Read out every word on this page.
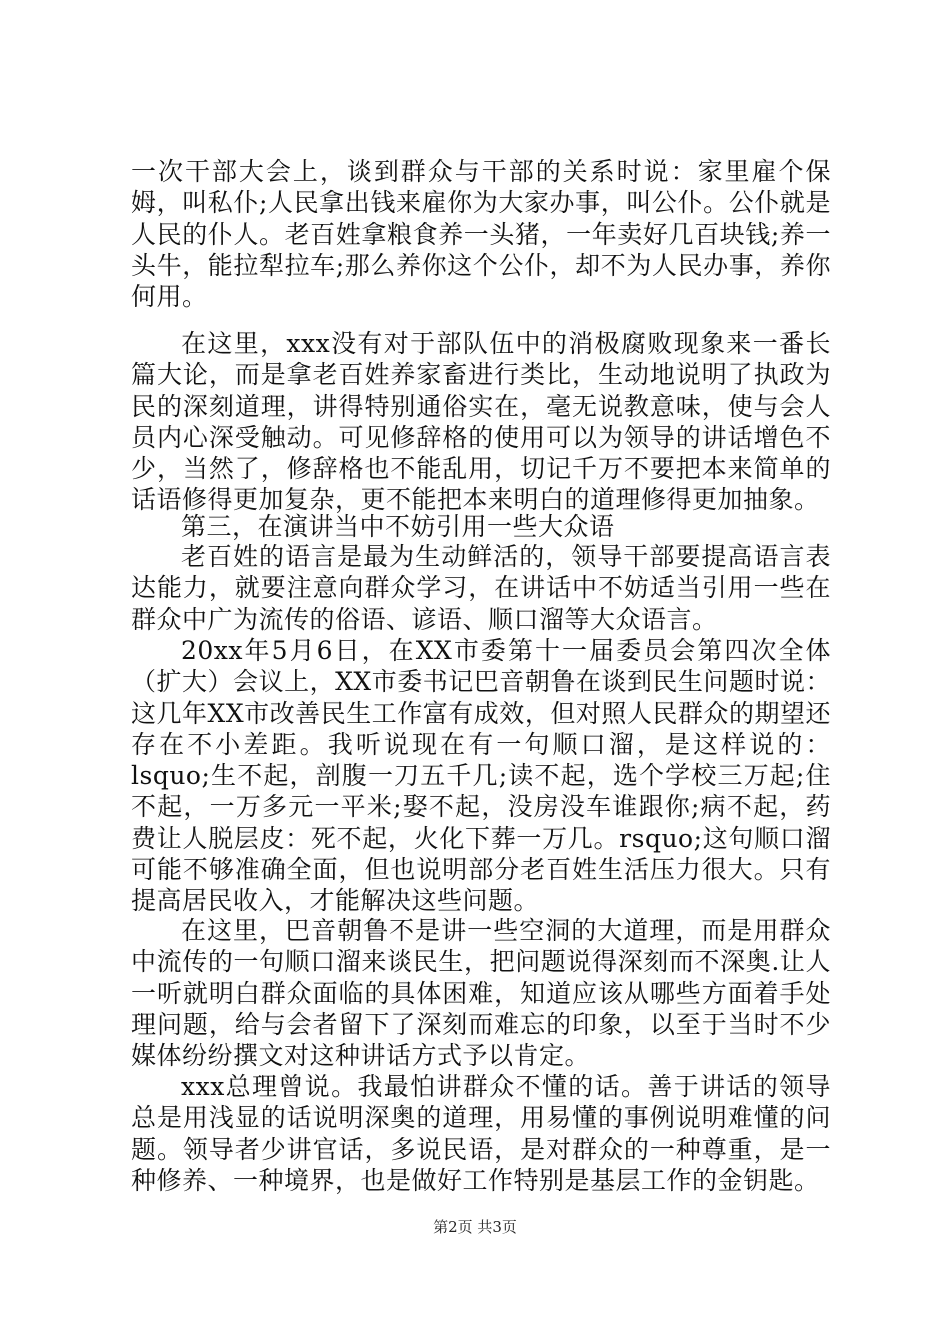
一次干部大会上，谈到群众与干部的关系时说：家里雇个保姆，叫私仆;人民拿出钱来雇你为大家办事，叫公仆。公仆就是人民的仆人。老百姓拿粮食养一头猪，一年卖好几百块钱;养一头牛，能拉犁拉车;那么养你这个公仆，却不为人民办事，养你何用。

在这里，xxx没有对于部队伍中的消极腐败现象来一番长篇大论，而是拿老百姓养家畜进行类比，生动地说明了执政为民的深刻道理，讲得特别通俗实在，毫无说教意味，使与会人员内心深受触动。可见修辞格的使用可以为领导的讲话增色不少，当然了，修辞格也不能乱用，切记千万不要把本来简单的话语修得更加复杂，更不能把本来明白的道理修得更加抽象。

第三，在演讲当中不妨引用一些大众语

老百姓的语言是最为生动鲜活的，领导干部要提高语言表达能力，就要注意向群众学习，在讲话中不妨适当引用一些在群众中广为流传的俗语、谚语、顺口溜等大众语言。

20xx年5月6日，在XX市委第十一届委员会第四次全体（扩大）会议上，XX市委书记巴音朝鲁在谈到民生问题时说：这几年XX市改善民生工作富有成效，但对照人民群众的期望还存在不小差距。我听说现在有一句顺口溜，是这样说的：lsquo;生不起，剖腹一刀五千几;读不起，选个学校三万起;住不起，一万多元一平米;娶不起，没房没车谁跟你;病不起，药费让人脱层皮：死不起，火化下葬一万几。rsquo;这句顺口溜可能不够准确全面，但也说明部分老百姓生活压力很大。只有提高居民收入，才能解决这些问题。

在这里，巴音朝鲁不是讲一些空洞的大道理，而是用群众中流传的一句顺口溜来谈民生，把问题说得深刻而不深奥.让人一听就明白群众面临的具体困难，知道应该从哪些方面着手处理问题，给与会者留下了深刻而难忘的印象，以至于当时不少媒体纷纷撰文对这种讲话方式予以肯定。

xxx总理曾说。我最怕讲群众不懂的话。善于讲话的领导总是用浅显的话说明深奥的道理，用易懂的事例说明难懂的问题。领导者少讲官话，多说民语，是对群众的一种尊重，是一种修养、一种境界，也是做好工作特别是基层工作的金钥匙。

第2页 共3页
